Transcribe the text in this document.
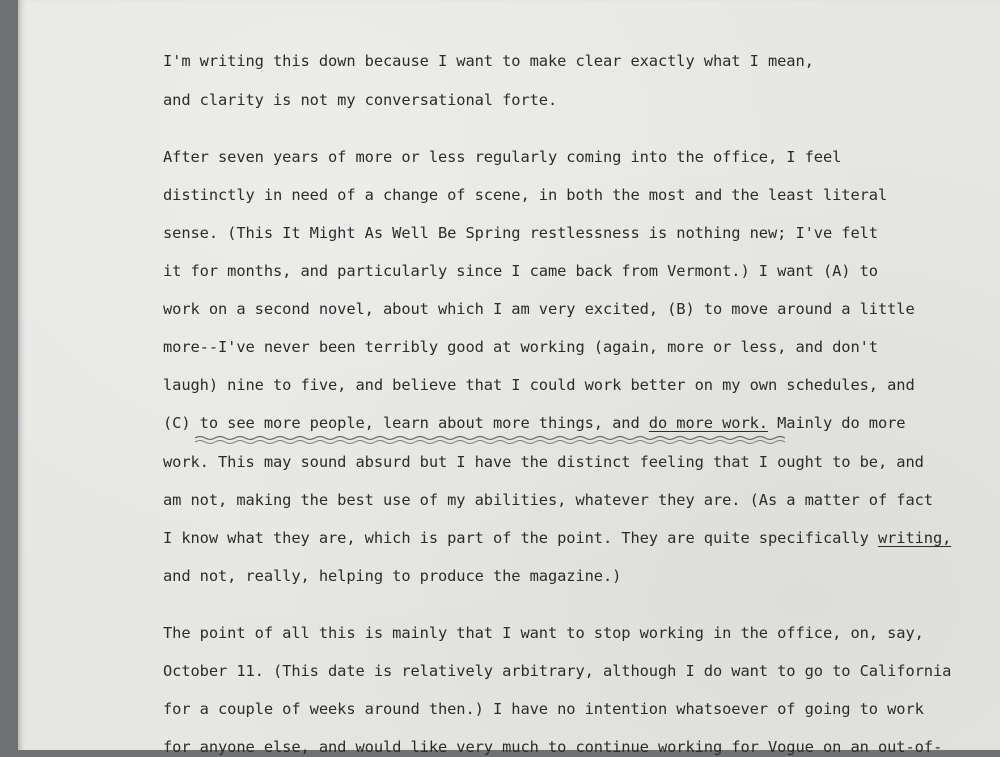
I'm writing this down because I want to make clear exactly what I mean,

and clarity is not my conversational forte.

After seven years of more or less regularly coming into the office, I feel

distinctly in need of a change of scene, in both the most and the least literal

sense. (This It Might As Well Be Spring restlessness is nothing new; I've felt

it for months, and particularly since I came back from Vermont.) I want (A) to

work on a second novel, about which I am very excited, (B) to move around a little

more--I've never been terribly good at working (again, more or less, and don't

laugh) nine to five, and believe that I could work better on my own schedules, and

(C) to see more people, learn about more things, and do more work. Mainly do more

work. This may sound absurd but I have the distinct feeling that I ought to be, and

am not, making the best use of my abilities, whatever they are. (As a matter of fact

I know what they are, which is part of the point. They are quite specifically writing,

and not, really, helping to produce the magazine.)

The point of all this is mainly that I want to stop working in the office, on, say,

October 11. (This date is relatively arbitrary, although I do want to go to California

for a couple of weeks around then.) I have no intention whatsoever of going to work

for anyone else, and would like very much to continue working for Vogue on an out-of-
